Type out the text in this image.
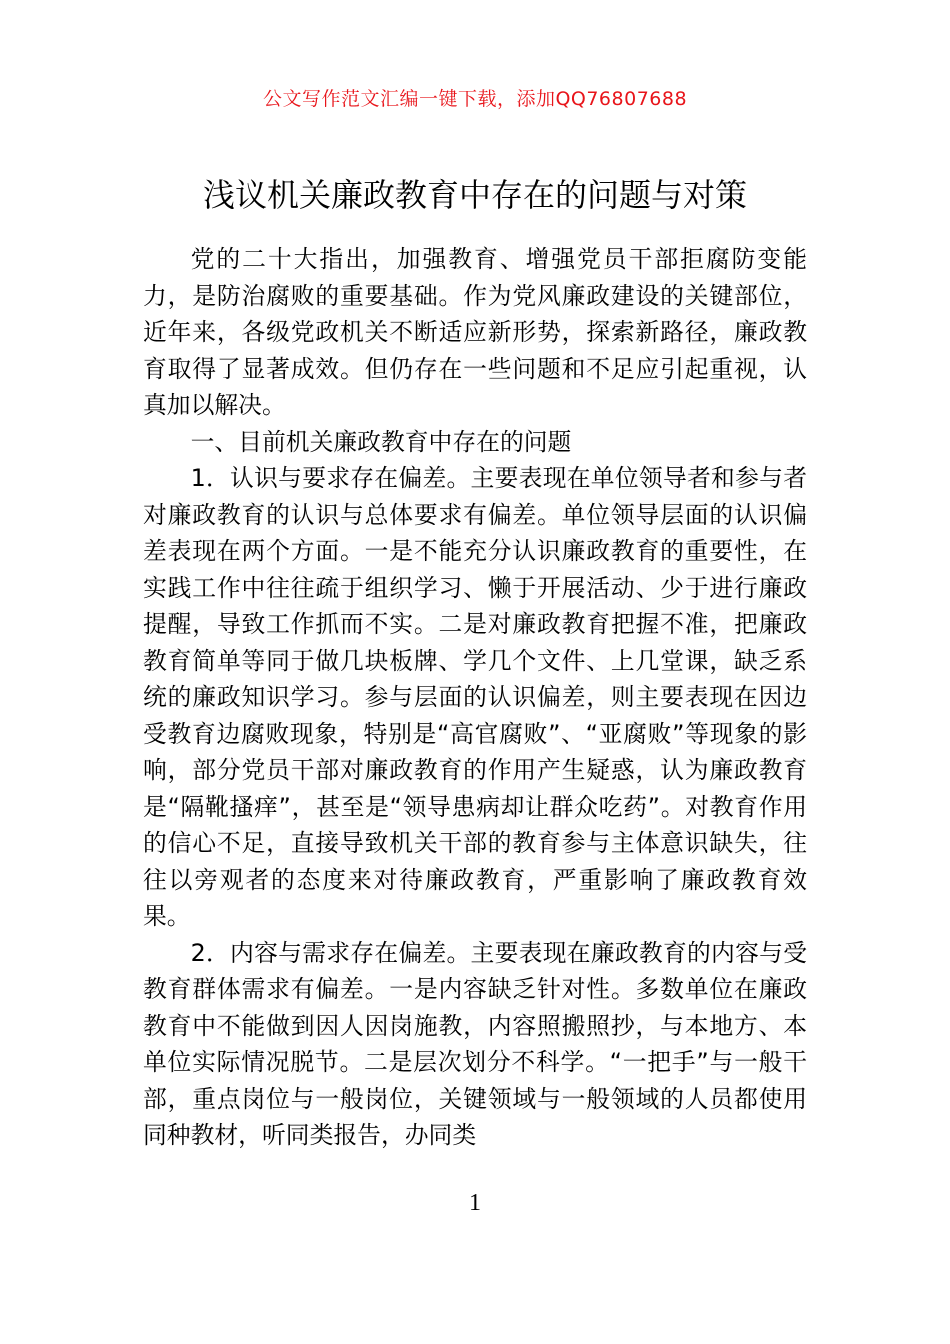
公文写作范文汇编一键下载，添加QQ76807688
浅议机关廉政教育中存在的问题与对策

党的二十大指出，加强教育、增强党员干部拒腐防变能力，是防治腐败的重要基础。作为党风廉政建设的关键部位，近年来，各级党政机关不断适应新形势，探索新路径，廉政教育取得了显著成效。但仍存在一些问题和不足应引起重视，认真加以解决。

一、目前机关廉政教育中存在的问题

1．认识与要求存在偏差。主要表现在单位领导者和参与者对廉政教育的认识与总体要求有偏差。单位领导层面的认识偏差表现在两个方面。一是不能充分认识廉政教育的重要性，在实践工作中往往疏于组织学习、懒于开展活动、少于进行廉政提醒，导致工作抓而不实。二是对廉政教育把握不准，把廉政教育简单等同于做几块板牌、学几个文件、上几堂课，缺乏系统的廉政知识学习。参与层面的认识偏差，则主要表现在因边受教育边腐败现象，特别是“高官腐败”、“亚腐败”等现象的影响，部分党员干部对廉政教育的作用产生疑惑，认为廉政教育是“隔靴搔痒”，甚至是“领导患病却让群众吃药”。对教育作用的信心不足，直接导致机关干部的教育参与主体意识缺失，往往以旁观者的态度来对待廉政教育，严重影响了廉政教育效果。

2．内容与需求存在偏差。主要表现在廉政教育的内容与受教育群体需求有偏差。一是内容缺乏针对性。多数单位在廉政教育中不能做到因人因岗施教，内容照搬照抄，与本地方、本单位实际情况脱节。二是层次划分不科学。“一把手”与一般干部，重点岗位与一般岗位，关键领域与一般领域的人员都使用同种教材，听同类报告，办同类

1
